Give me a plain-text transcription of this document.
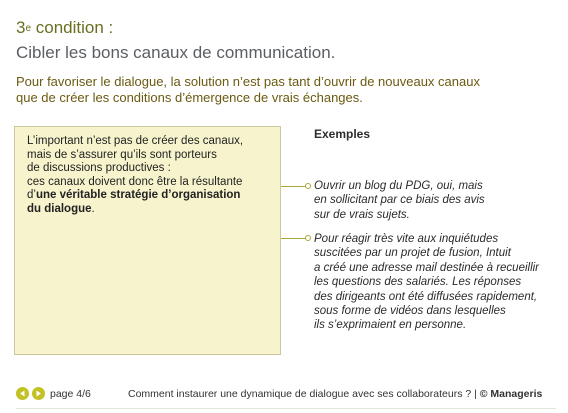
3e condition :
Cibler les bons canaux de communication.
Pour favoriser le dialogue, la solution n’est pas tant d’ouvrir de nouveaux canaux
que de créer les conditions d’émergence de vrais échanges.
L’important n’est pas de créer des canaux,
mais de s’assurer qu’ils sont porteurs
de discussions productives :
ces canaux doivent donc être la résultante
d’une véritable stratégie d’organisation
du dialogue.
Exemples
Ouvrir un blog du PDG, oui, mais
en sollicitant par ce biais des avis
sur de vrais sujets.
Pour réagir très vite aux inquiétudes
suscitées par un projet de fusion, Intuit
a créé une adresse mail destinée à recueillir
les questions des salariés. Les réponses
des dirigeants ont été diffusées rapidement,
sous forme de vidéos dans lesquelles
ils s’exprimaient en personne.
page 4/6	Comment instaurer une dynamique de dialogue avec ses collaborateurs ? | © Manageris
